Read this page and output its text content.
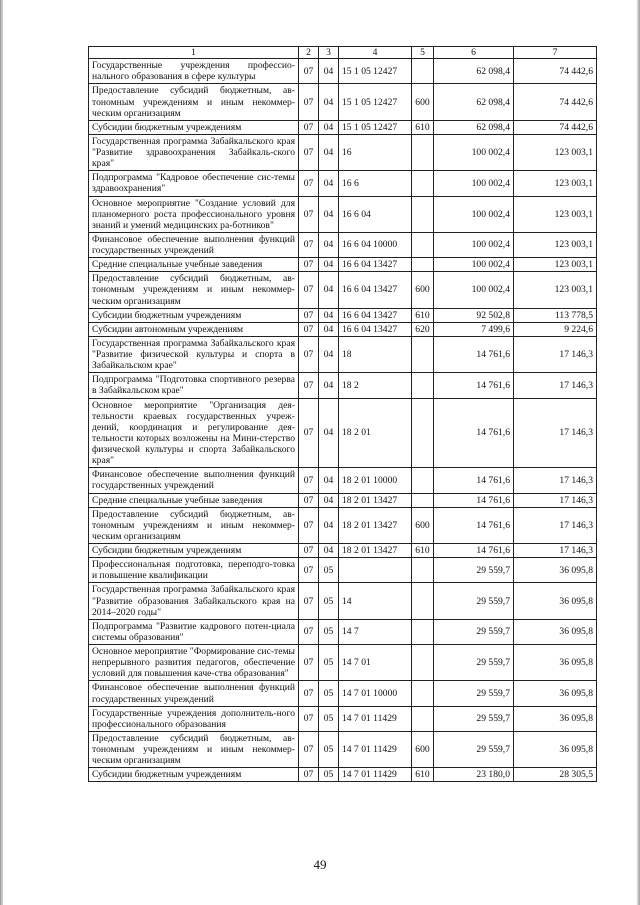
1	2	3	4	5	6	7
Государственные учреждения профессио-нального образования в сфере культуры	07	04	15 1 05 12427		62 098,4	74 442,6
Предоставление субсидий бюджетным, ав-тономным учреждениям и иным некоммер-ческим организациям	07	04	15 1 05 12427	600	62 098,4	74 442,6
Субсидии бюджетным учреждениям	07	04	15 1 05 12427	610	62 098,4	74 442,6
Государственная программа Забайкальского края "Развитие здравоохранения Забайкаль-ского края"	07	04	16		100 002,4	123 003,1
Подпрограмма "Кадровое обеспечение сис-темы здравоохранения"	07	04	16 6		100 002,4	123 003,1
Основное мероприятие "Создание условий для планомерного роста профессионального уровня знаний и умений медицинских ра-ботников"	07	04	16 6 04		100 002,4	123 003,1
Финансовое обеспечение выполнения функций государственных учреждений	07	04	16 6 04 10000		100 002,4	123 003,1
Средние специальные учебные заведения	07	04	16 6 04 13427		100 002,4	123 003,1
Предоставление субсидий бюджетным, ав-тономным учреждениям и иным некоммер-ческим организациям	07	04	16 6 04 13427	600	100 002,4	123 003,1
Субсидии бюджетным учреждениям	07	04	16 6 04 13427	610	92 502,8	113 778,5
Субсидии автономным учреждениям	07	04	16 6 04 13427	620	7 499,6	9 224,6
Государственная программа Забайкальского края "Развитие физической культуры и спорта в Забайкальском крае"	07	04	18		14 761,6	17 146,3
Подпрограмма "Подготовка спортивного резерва в Забайкальском крае"	07	04	18 2		14 761,6	17 146,3
Основное мероприятие "Организация дея-тельности краевых государственных учреж-дений, координация и регулирование дея-тельности которых возложены на Мини-стерство физической культуры и спорта Забайкальского края"	07	04	18 2 01		14 761,6	17 146,3
Финансовое обеспечение выполнения функций государственных учреждений	07	04	18 2 01 10000		14 761,6	17 146,3
Средние специальные учебные заведения	07	04	18 2 01 13427		14 761,6	17 146,3
Предоставление субсидий бюджетным, ав-тономным учреждениям и иным некоммер-ческим организациям	07	04	18 2 01 13427	600	14 761,6	17 146,3
Субсидии бюджетным учреждениям	07	04	18 2 01 13427	610	14 761,6	17 146,3
Профессиональная подготовка, переподго-товка и повышение квалификации	07	05			29 559,7	36 095,8
Государственная программа Забайкальского края "Развитие образования Забайкальского края на 2014–2020 годы"	07	05	14		29 559,7	36 095,8
Подпрограмма "Развитие кадрового потен-циала системы образования"	07	05	14 7		29 559,7	36 095,8
Основное мероприятие "Формирование сис-темы непрерывного развития педагогов, обеспечение условий для повышения каче-ства образования"	07	05	14 7 01		29 559,7	36 095,8
Финансовое обеспечение выполнения функций государственных учреждений	07	05	14 7 01 10000		29 559,7	36 095,8
Государственные учреждения дополнитель-ного профессионального образования	07	05	14 7 01 11429		29 559,7	36 095,8
Предоставление субсидий бюджетным, ав-тономным учреждениям и иным некоммер-ческим организациям	07	05	14 7 01 11429	600	29 559,7	36 095,8
Субсидии бюджетным учреждениям	07	05	14 7 01 11429	610	23 180,0	28 305,5
49
